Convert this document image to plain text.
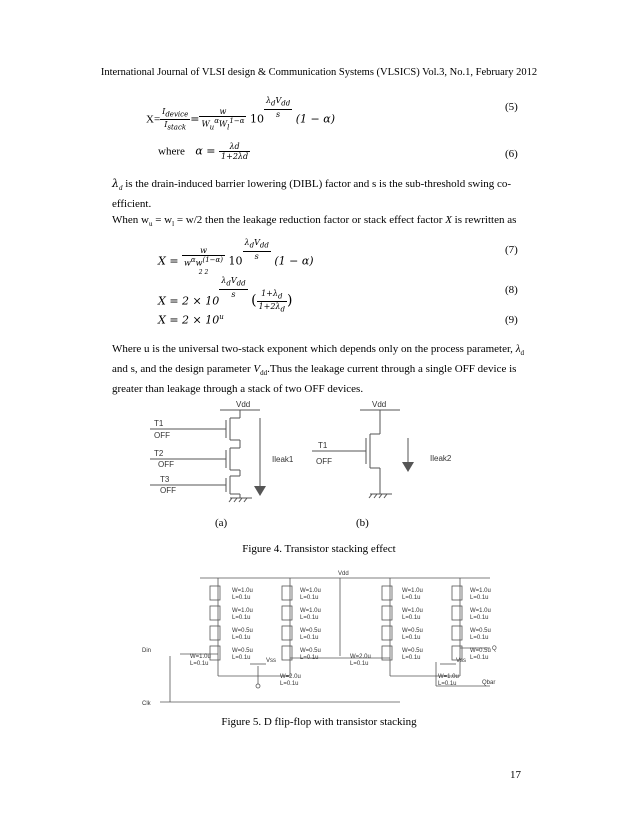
International Journal of VLSI design & Communication Systems (VLSICS) Vol.3, No.1, February 2012
$X= \frac{I_{device}}{I_{stack}} = \frac{w}{W_u^\alpha W_l^{1-\alpha}} 10$
$\frac{\lambda_dV_{dd}}{s}$
(1 − α)
(5)
where $\alpha = \frac{\lambda d}{1+2\lambda d}$	(6)
$\lambda_d$ is the drain-induced barrier lowering (DIBL) factor and s is the sub-threshold swing co-
efficient.
When $w_u = w_l = w/2$ then the leakage reduction factor or stack effect factor X is rewritten as
X =
w
$w^\alpha w^{(1-\alpha)}$
2 2
10
$\frac{\lambda_dV_{dd}}{s}$
(1 − α)
(7)
X = 2 × 10
$\frac{\lambda_dV_{dd}}{s}$
( $\frac{1+\lambda_d}{1+2\lambda_d}$ )
(8)
$X = 2 \times 10^u$	(9)
Where u is the universal two-stack exponent which depends only on the process parameter, $\lambda_d$
and s, and the design parameter $V_{dd}.Thus$ the leakage current through a single OFF device is
greater than leakage through a stack of two OFF devices.
Vdd
T1
OFF
T2
OFF
T3
OFF
Ileak1
Vdd
T1
OFF	Ileak2
(a)	(b)
Figure 4. Transistor stacking effect
Vdd
Din
Clk
Q
Qbar
Vss	Vss
W=1.0u
L=0.1u
W=1.0u
L=0.1u
W=1.0u
L=0.1u
W=1.0u
L=0.1u
W=0.5u
L=0.1u
W=0.5u
L=0.1u
W=0.5u
L=0.1u
W=0.5u
L=0.1u
W=1.0u
L=0.1u
W=2.0u
L=0.1u
W=2.0u
L=0.1u
W=1.0u
L=0.1u
W=1.0u
L=0.1u
W=1.0u
L=0.1u
W=1.0u
L=0.1u
W=0.5u
L=0.1u
W=0.5u
L=0.1u
W=0.5u
L=0.1u
W=0.5u
L=0.1u
W=1.0u
L=0.1u
Figure 5. D flip-flop with transistor stacking
17
